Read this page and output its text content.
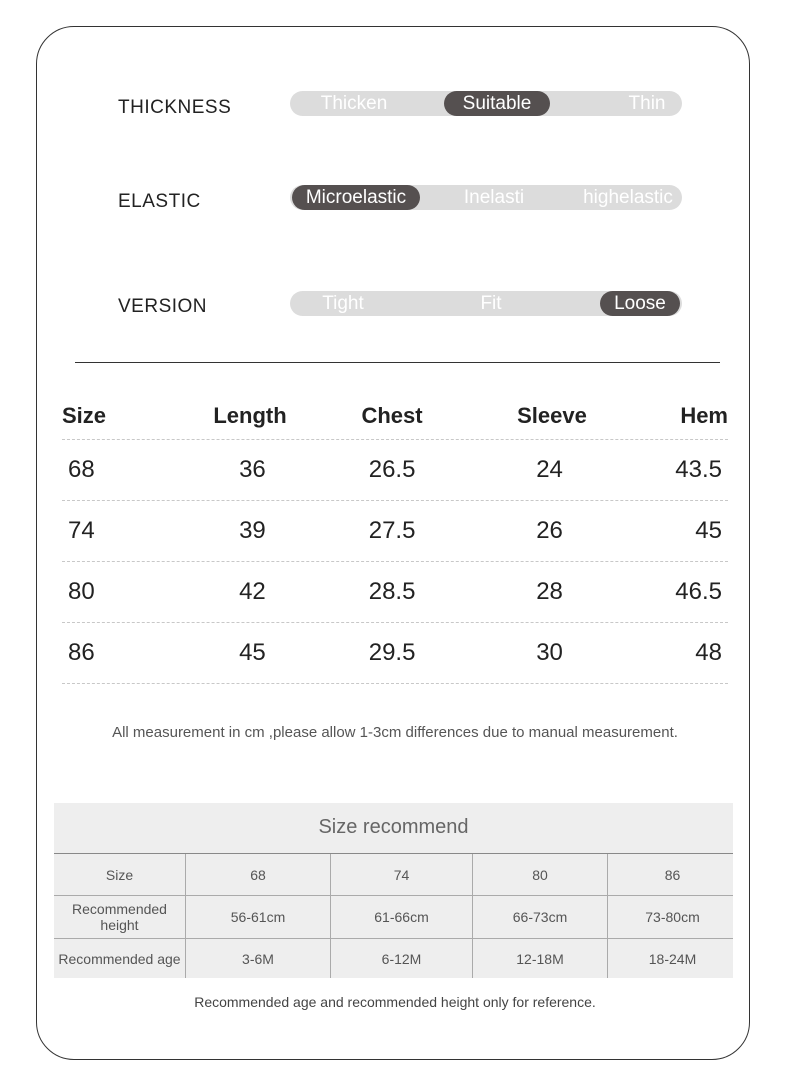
THICKNESS	Thicken	Suitable	Thin
ELASTIC	Microelastic	Inelasti	highelastic
VERSION	Tight	Fit	Loose
Size	Length	Chest	Sleeve	Hem
68	36	26.5	24	43.5
74	39	27.5	26	45
80	42	28.5	28	46.5
86	45	29.5	30	48
All measurement in cm ,please allow 1-3cm differences due to manual measurement.
Size recommend
Size	68	74	80	86
Recommended height	56-61cm	61-66cm	66-73cm	73-80cm
Recommended age	3-6M	6-12M	12-18M	18-24M
Recommended age and recommended height only for reference.
